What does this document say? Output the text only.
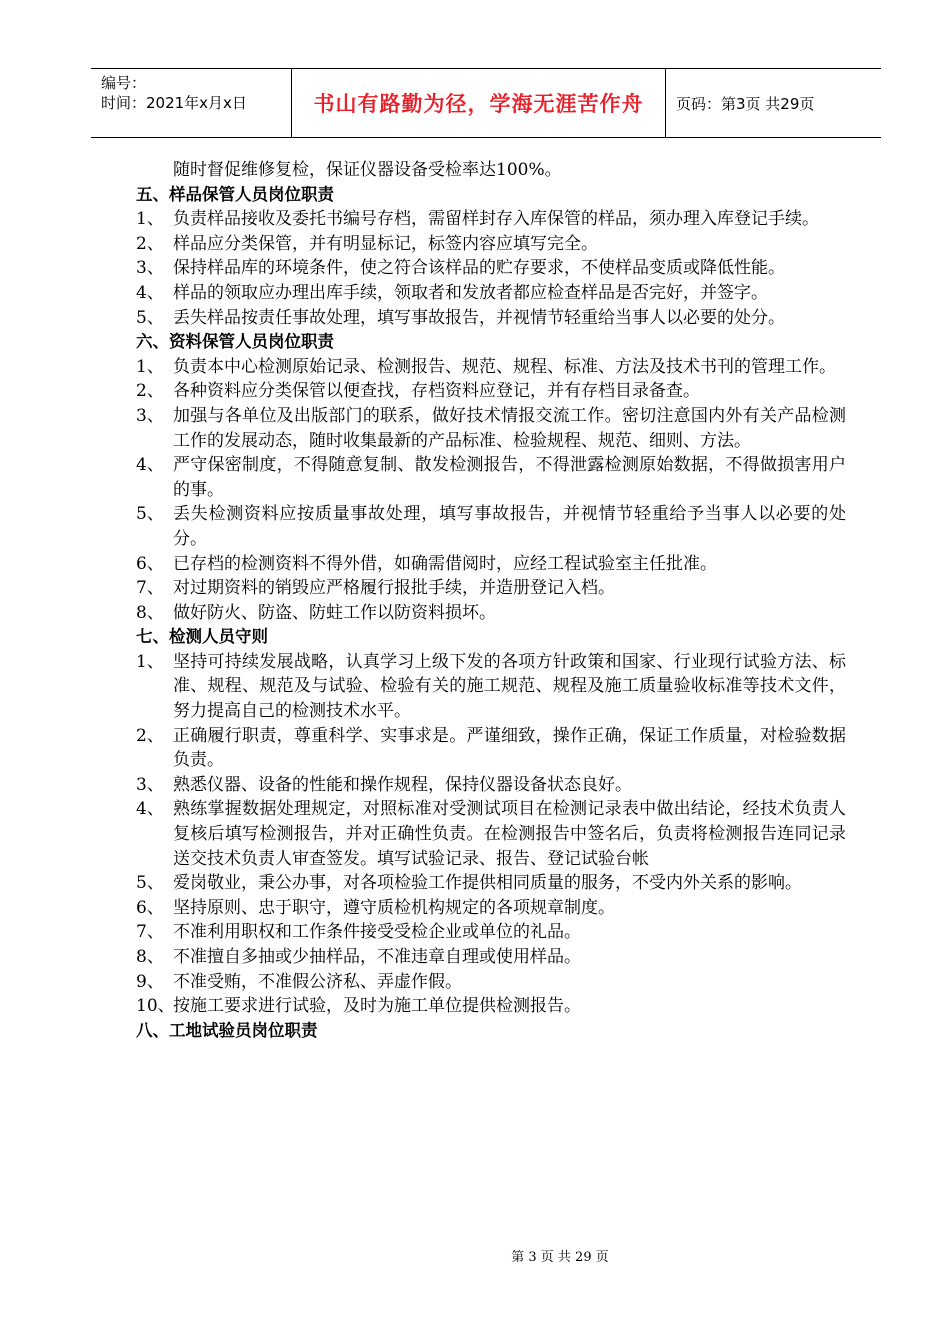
编号：
时间：2021年x月x日	书山有路勤为径，学海无涯苦作舟	页码：第3页 共29页
随时督促维修复检，保证仪器设备受检率达100%。
五、样品保管人员岗位职责
1、 负责样品接收及委托书编号存档，需留样封存入库保管的样品，须办理入库登记手续。
2、 样品应分类保管，并有明显标记，标签内容应填写完全。
3、 保持样品库的环境条件，使之符合该样品的贮存要求，不使样品变质或降低性能。
4、 样品的领取应办理出库手续，领取者和发放者都应检查样品是否完好，并签字。
5、 丢失样品按责任事故处理，填写事故报告，并视情节轻重给当事人以必要的处分。
六、资料保管人员岗位职责
1、 负责本中心检测原始记录、检测报告、规范、规程、标准、方法及技术书刊的管理工作。
2、 各种资料应分类保管以便查找，存档资料应登记，并有存档目录备查。
3、 加强与各单位及出版部门的联系，做好技术情报交流工作。密切注意国内外有关产品检测工作的发展动态，随时收集最新的产品标准、检验规程、规范、细则、方法。
4、 严守保密制度，不得随意复制、散发检测报告，不得泄露检测原始数据，不得做损害用户的事。
5、 丢失检测资料应按质量事故处理，填写事故报告，并视情节轻重给予当事人以必要的处分。
6、 已存档的检测资料不得外借，如确需借阅时，应经工程试验室主任批准。
7、 对过期资料的销毁应严格履行报批手续，并造册登记入档。
8、 做好防火、防盗、防蛀工作以防资料损坏。
七、检测人员守则
1、 坚持可持续发展战略，认真学习上级下发的各项方针政策和国家、行业现行试验方法、标准、规程、规范及与试验、检验有关的施工规范、规程及施工质量验收标准等技术文件，努力提高自己的检测技术水平。
2、 正确履行职责，尊重科学、实事求是。严谨细致，操作正确，保证工作质量，对检验数据负责。
3、 熟悉仪器、设备的性能和操作规程，保持仪器设备状态良好。
4、 熟练掌握数据处理规定，对照标准对受测试项目在检测记录表中做出结论，经技术负责人复核后填写检测报告，并对正确性负责。在检测报告中签名后，负责将检测报告连同记录送交技术负责人审查签发。填写试验记录、报告、登记试验台帐
5、 爱岗敬业，秉公办事，对各项检验工作提供相同质量的服务，不受内外关系的影响。
6、 坚持原则、忠于职守，遵守质检机构规定的各项规章制度。
7、 不准利用职权和工作条件接受受检企业或单位的礼品。
8、 不准擅自多抽或少抽样品，不准违章自理或使用样品。
9、 不准受贿，不准假公济私、弄虚作假。
10、
按施工要求进行试验，及时为施工单位提供检测报告。
八、工地试验员岗位职责
第 3 页 共 29 页
